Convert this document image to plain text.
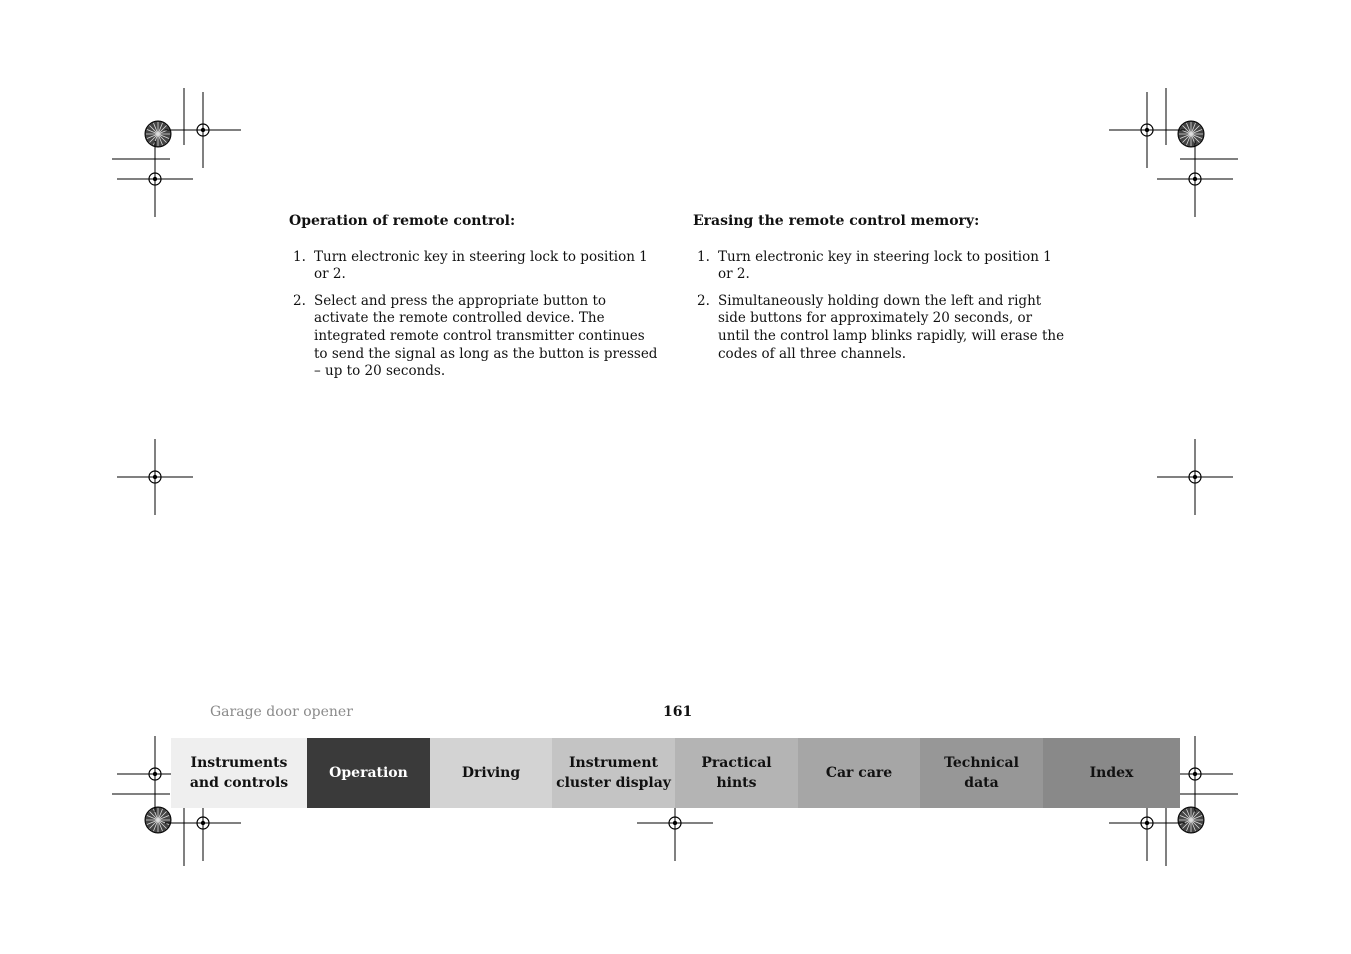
Operation of remote control:
1. Turn electronic key in steering lock to position 1 or 2.
2. Select and press the appropriate button to activate the remote controlled device. The integrated remote control transmitter continues to send the signal as long as the button is pressed – up to 20 seconds.
Erasing the remote control memory:
1. Turn electronic key in steering lock to position 1 or 2.
2. Simultaneously holding down the left and right side buttons for approximately 20 seconds, or until the control lamp blinks rapidly, will erase the codes of all three channels.
Garage door opener	161
Instruments
and controls
Operation	Driving
Instrument
cluster display
Practical hints
Car care
Technical
data
Index
